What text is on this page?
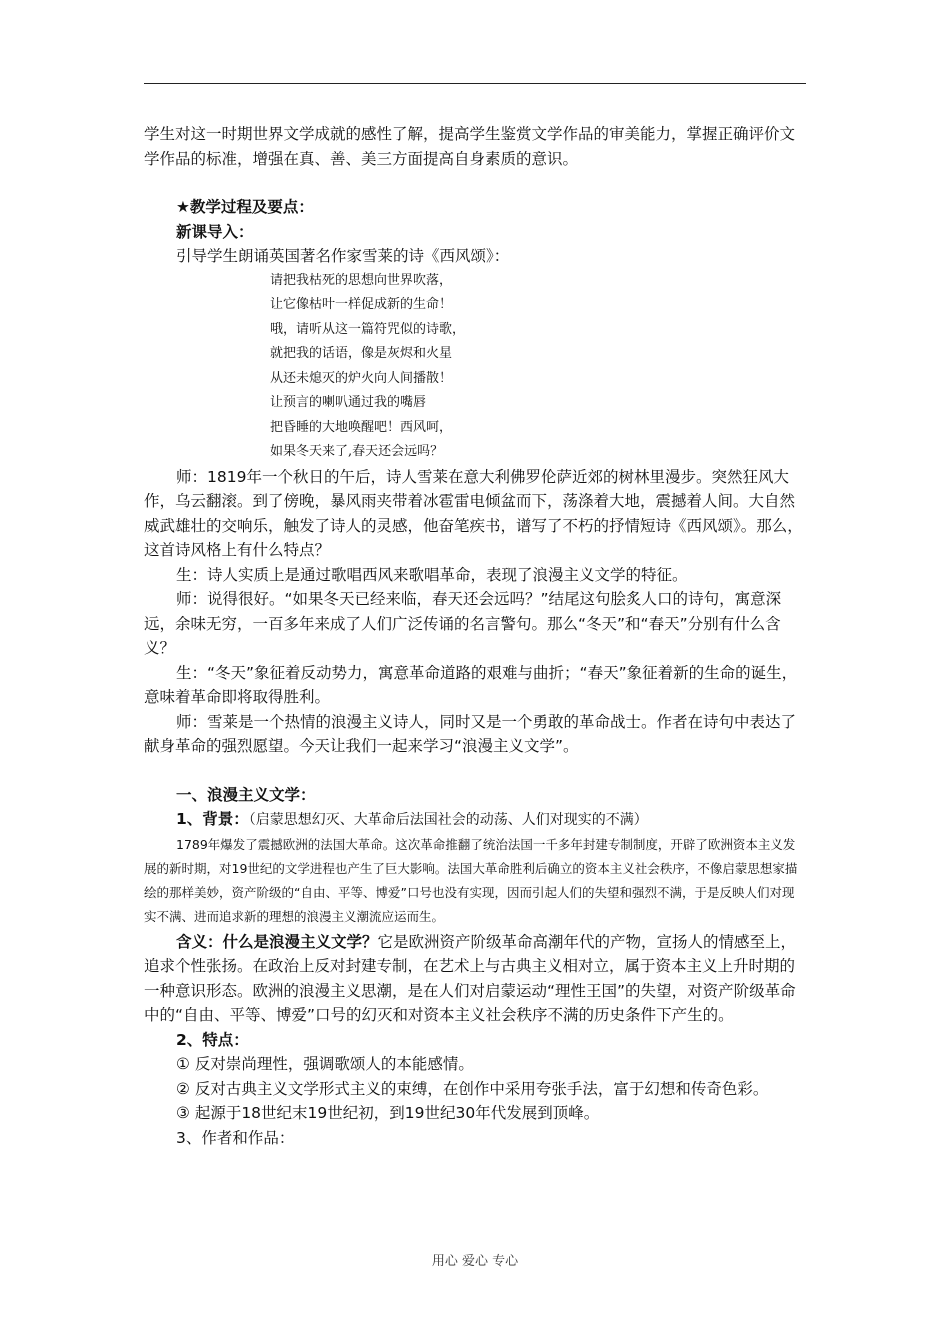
学生对这一时期世界文学成就的感性了解，提高学生鉴赏文学作品的审美能力，掌握正确评价文学作品的标准，增强在真、善、美三方面提高自身素质的意识。

★教学过程及要点：

新课导入：

引导学生朗诵英国著名作家雪莱的诗《西风颂》：

请把我枯死的思想向世界吹落，

让它像枯叶一样促成新的生命！

哦，请听从这一篇符咒似的诗歌，

就把我的话语，像是灰烬和火星

从还未熄灭的炉火向人间播散！

让预言的喇叭通过我的嘴唇

把昏睡的大地唤醒吧！西风呵，

如果冬天来了,春天还会远吗？

师：1819年一个秋日的午后，诗人雪莱在意大利佛罗伦萨近郊的树林里漫步。突然狂风大作，乌云翻滚。到了傍晚，暴风雨夹带着冰雹雷电倾盆而下，荡涤着大地，震撼着人间。大自然威武雄壮的交响乐，触发了诗人的灵感，他奋笔疾书，谱写了不朽的抒情短诗《西风颂》。那么，这首诗风格上有什么特点？

生：诗人实质上是通过歌唱西风来歌唱革命，表现了浪漫主义文学的特征。

师：说得很好。“如果冬天已经来临，春天还会远吗？”结尾这句脍炙人口的诗句，寓意深远，余味无穷，一百多年来成了人们广泛传诵的名言警句。那么“冬天”和“春天”分别有什么含义？

生：“冬天”象征着反动势力，寓意革命道路的艰难与曲折；“春天”象征着新的生命的诞生，意味着革命即将取得胜利。

师：雪莱是一个热情的浪漫主义诗人，同时又是一个勇敢的革命战士。作者在诗句中表达了献身革命的强烈愿望。今天让我们一起来学习“浪漫主义文学”。

一、浪漫主义文学：

1、背景：（启蒙思想幻灭、大革命后法国社会的动荡、人们对现实的不满）

1789年爆发了震撼欧洲的法国大革命。这次革命推翻了统治法国一千多年封建专制制度，开辟了欧洲资本主义发展的新时期，对19世纪的文学进程也产生了巨大影响。法国大革命胜利后确立的资本主义社会秩序，不像启蒙思想家描绘的那样美妙，资产阶级的“自由、平等、博爱”口号也没有实现，因而引起人们的失望和强烈不满，于是反映人们对现实不满、进而追求新的理想的浪漫主义潮流应运而生。

含义：什么是浪漫主义文学？它是欧洲资产阶级革命高潮年代的产物，宣扬人的情感至上，追求个性张扬。在政治上反对封建专制，在艺术上与古典主义相对立，属于资本主义上升时期的一种意识形态。欧洲的浪漫主义思潮，是在人们对启蒙运动“理性王国”的失望，对资产阶级革命中的“自由、平等、博爱”口号的幻灭和对资本主义社会秩序不满的历史条件下产生的。

2、特点：

① 反对崇尚理性，强调歌颂人的本能感情。

② 反对古典主义文学形式主义的束缚，在创作中采用夸张手法，富于幻想和传奇色彩。

③ 起源于18世纪末19世纪初，到19世纪30年代发展到顶峰。

3、作者和作品：

用心 爱心 专心
